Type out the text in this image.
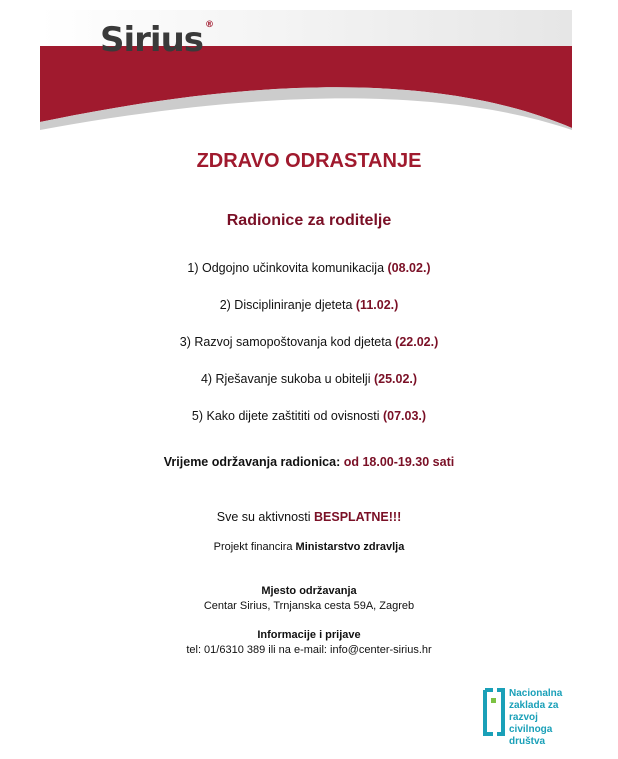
Sirius ®
ZDRAVO ODRASTANJE
Radionice za roditelje
1) Odgojno učinkovita komunikacija (08.02.)
2) Discipliniranje djeteta (11.02.)
3) Razvoj samopoštovanja kod djeteta (22.02.)
4) Rješavanje sukoba u obitelji (25.02.)
5) Kako dijete zaštititi od ovisnosti (07.03.)
Vrijeme održavanja radionica: od 18.00-19.30 sati
Sve su aktivnosti BESPLATNE!!!
Projekt financira Ministarstvo zdravlja
Mjesto održavanja
Centar Sirius, Trnjanska cesta 59A, Zagreb
Informacije i prijave
tel: 01/6310 389 ili na e-mail: info@center-sirius.hr
Nacionalna
zaklada za
razvoj
civilnoga
društva
